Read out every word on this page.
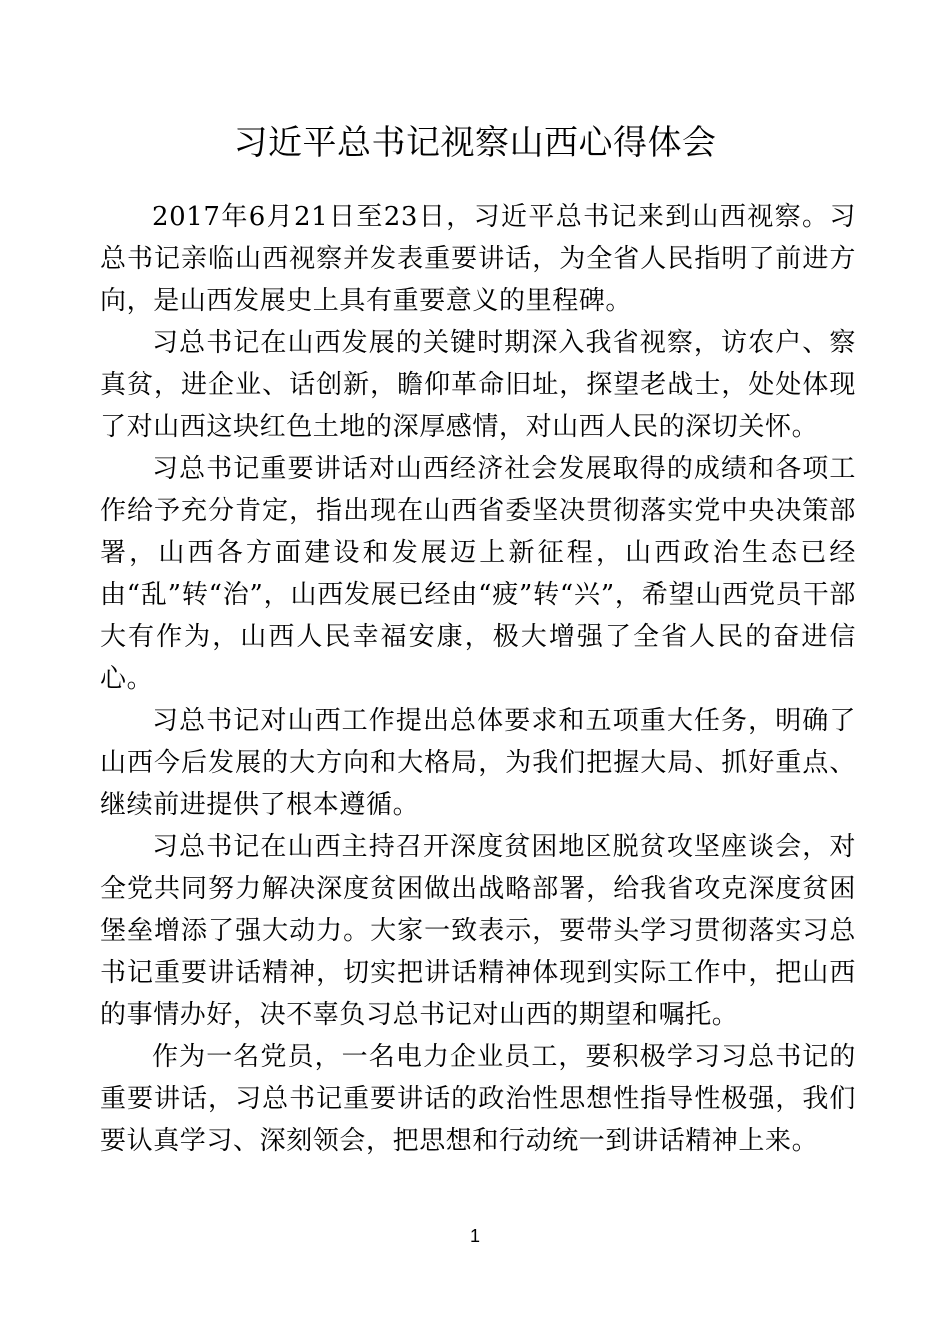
习近平总书记视察山西心得体会

2017年6月21日至23日，习近平总书记来到山西视察。习总书记亲临山西视察并发表重要讲话，为全省人民指明了前进方向，是山西发展史上具有重要意义的里程碑。

习总书记在山西发展的关键时期深入我省视察，访农户、察真贫，进企业、话创新，瞻仰革命旧址，探望老战士，处处体现了对山西这块红色土地的深厚感情，对山西人民的深切关怀。

习总书记重要讲话对山西经济社会发展取得的成绩和各项工作给予充分肯定，指出现在山西省委坚决贯彻落实党中央决策部署，山西各方面建设和发展迈上新征程，山西政治生态已经由“乱”转“治”，山西发展已经由“疲”转“兴”，希望山西党员干部大有作为，山西人民幸福安康，极大增强了全省人民的奋进信心。

习总书记对山西工作提出总体要求和五项重大任务，明确了山西今后发展的大方向和大格局，为我们把握大局、抓好重点、继续前进提供了根本遵循。

习总书记在山西主持召开深度贫困地区脱贫攻坚座谈会，对全党共同努力解决深度贫困做出战略部署，给我省攻克深度贫困堡垒增添了强大动力。大家一致表示，要带头学习贯彻落实习总书记重要讲话精神，切实把讲话精神体现到实际工作中，把山西的事情办好，决不辜负习总书记对山西的期望和嘱托。

作为一名党员，一名电力企业员工，要积极学习习总书记的重要讲话，习总书记重要讲话的政治性思想性指导性极强，我们要认真学习、深刻领会，把思想和行动统一到讲话精神上来。

1
